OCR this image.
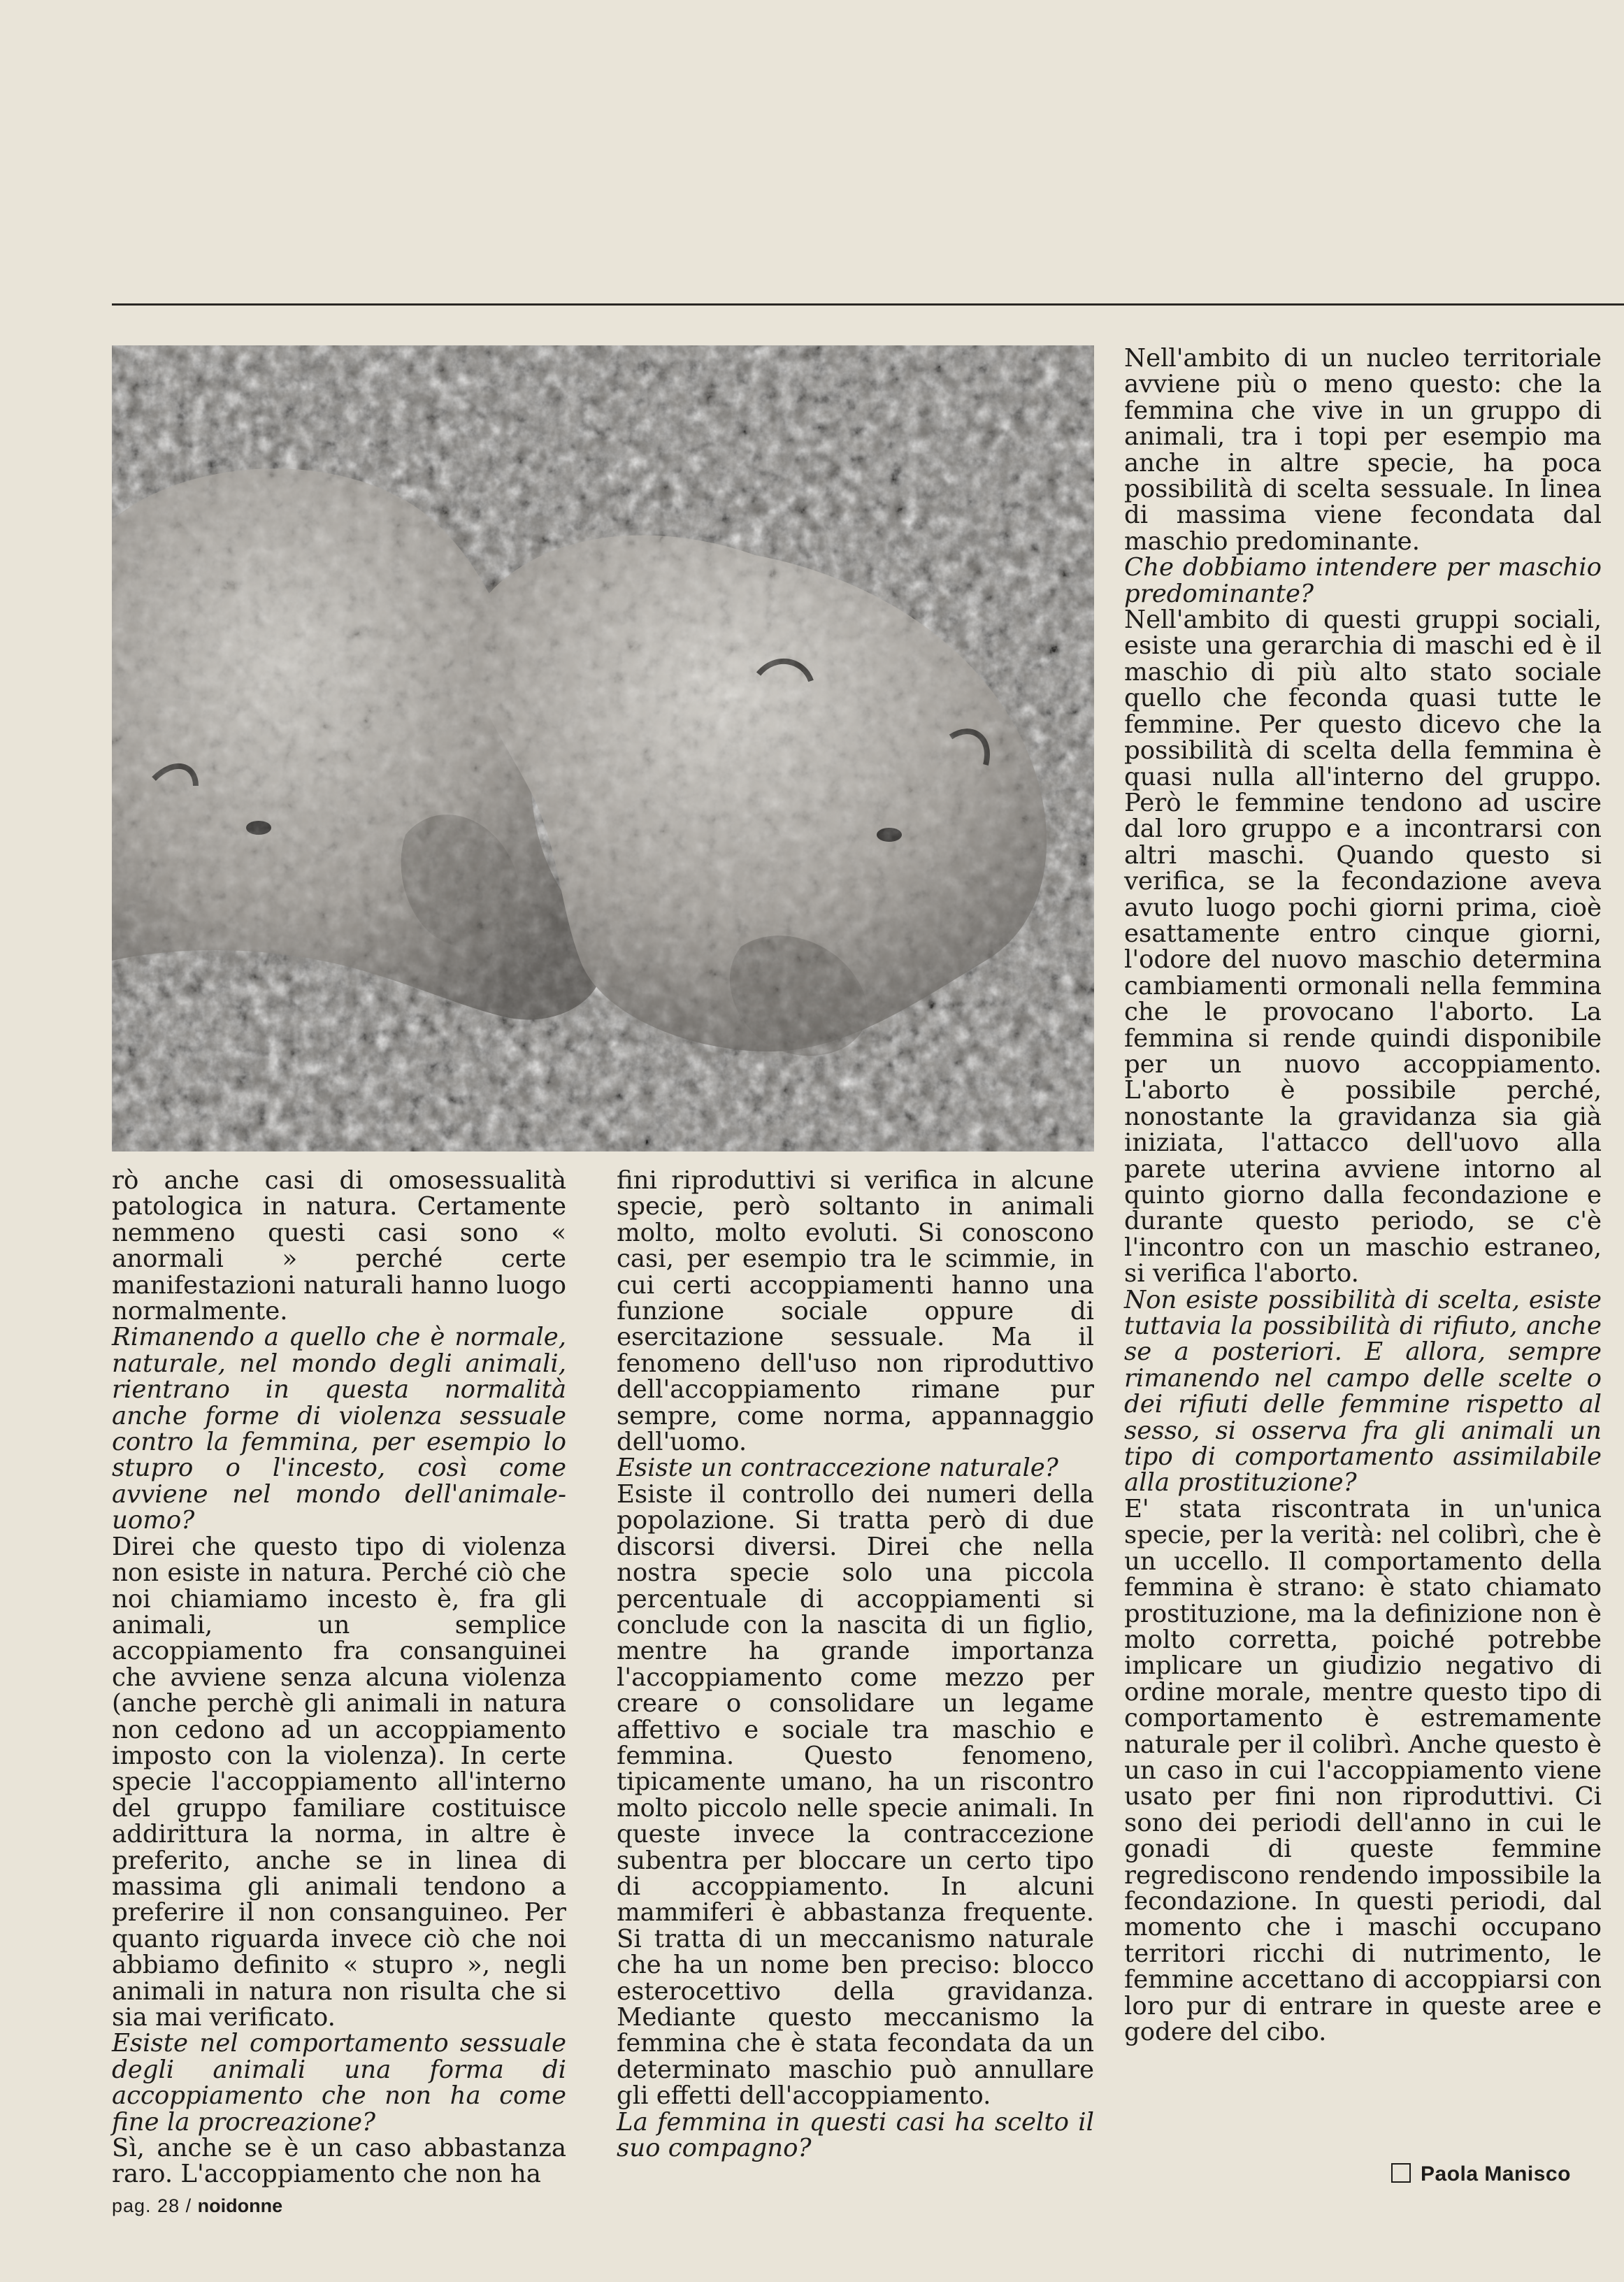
rò anche casi di omosessualità patologica in natura. Certamente nemmeno questi casi sono « anormali » perché certe manifestazioni naturali hanno luogo normalmente.

Rimanendo a quello che è normale, naturale, nel mondo degli animali, rientrano in questa normalità anche forme di violenza sessuale contro la femmina, per esempio lo stupro o l'incesto, così come avviene nel mondo dell'animale-uomo?

Direi che questo tipo di violenza non esiste in natura. Perché ciò che noi chiamiamo incesto è, fra gli animali, un semplice accoppiamento fra consanguinei che avviene senza alcuna violenza (anche perchè gli animali in natura non cedono ad un accoppiamento imposto con la violenza). In certe specie l'accoppiamento all'interno del gruppo familiare costituisce addirittura la norma, in altre è preferito, anche se in linea di massima gli animali tendono a preferire il non consanguineo. Per quanto riguarda invece ciò che noi abbiamo definito « stupro », negli animali in natura non risulta che si sia mai verificato.

Esiste nel comportamento sessuale degli animali una forma di accoppiamento che non ha come fine la procreazione?

Sì, anche se è un caso abbastanza raro. L'accoppiamento che non ha

fini riproduttivi si verifica in alcune specie, però soltanto in animali molto, molto evoluti. Si conoscono casi, per esempio tra le scimmie, in cui certi accoppiamenti hanno una funzione sociale oppure di esercitazione sessuale. Ma il fenomeno dell'uso non riproduttivo dell'accoppiamento rimane pur sempre, come norma, appannaggio dell'uomo.

Esiste un contraccezione naturale?

Esiste il controllo dei numeri della popolazione. Si tratta però di due discorsi diversi. Direi che nella nostra specie solo una piccola percentuale di accoppiamenti si conclude con la nascita di un figlio, mentre ha grande importanza l'accoppiamento come mezzo per creare o consolidare un legame affettivo e sociale tra maschio e femmina. Questo fenomeno, tipicamente umano, ha un riscontro molto piccolo nelle specie animali. In queste invece la contraccezione subentra per bloccare un certo tipo di accoppiamento. In alcuni mammiferi è abbastanza frequente. Si tratta di un meccanismo naturale che ha un nome ben preciso: blocco esterocettivo della gravidanza. Mediante questo meccanismo la femmina che è stata fecondata da un determinato maschio può annullare gli effetti dell'accoppiamento.

La femmina in questi casi ha scelto il suo compagno?

Nell'ambito di un nucleo territoriale avviene più o meno questo: che la femmina che vive in un gruppo di animali, tra i topi per esempio ma anche in altre specie, ha poca possibilità di scelta sessuale. In linea di massima viene fecondata dal maschio predominante.

Che dobbiamo intendere per maschio predominante?

Nell'ambito di questi gruppi sociali, esiste una gerarchia di maschi ed è il maschio di più alto stato sociale quello che feconda quasi tutte le femmine. Per questo dicevo che la possibilità di scelta della femmina è quasi nulla all'interno del gruppo. Però le femmine tendono ad uscire dal loro gruppo e a incontrarsi con altri maschi. Quando questo si verifica, se la fecondazione aveva avuto luogo pochi giorni prima, cioè esattamente entro cinque giorni, l'odore del nuovo maschio determina cambiamenti ormonali nella femmina che le provocano l'aborto. La femmina si rende quindi disponibile per un nuovo accoppiamento. L'aborto è possibile perché, nonostante la gravidanza sia già iniziata, l'attacco dell'uovo alla parete uterina avviene intorno al quinto giorno dalla fecondazione e durante questo periodo, se c'è l'incontro con un maschio estraneo, si verifica l'aborto.

Non esiste possibilità di scelta, esiste tuttavia la possibilità di rifiuto, anche se a posteriori. E allora, sempre rimanendo nel campo delle scelte o dei rifiuti delle femmine rispetto al sesso, si osserva fra gli animali un tipo di comportamento assimilabile alla prostituzione?

E' stata riscontrata in un'unica specie, per la verità: nel colibrì, che è un uccello. Il comportamento della femmina è strano: è stato chiamato prostituzione, ma la definizione non è molto corretta, poiché potrebbe implicare un giudizio negativo di ordine morale, mentre questo tipo di comportamento è estremamente naturale per il colibrì. Anche questo è un caso in cui l'accoppiamento viene usato per fini non riproduttivi. Ci sono dei periodi dell'anno in cui le gonadi di queste femmine regrediscono rendendo impossibile la fecondazione. In questi periodi, dal momento che i maschi occupano territori ricchi di nutrimento, le femmine accettano di accoppiarsi con loro pur di entrare in queste aree e godere del cibo.

Paola Manisco
pag. 28 / noidonne
